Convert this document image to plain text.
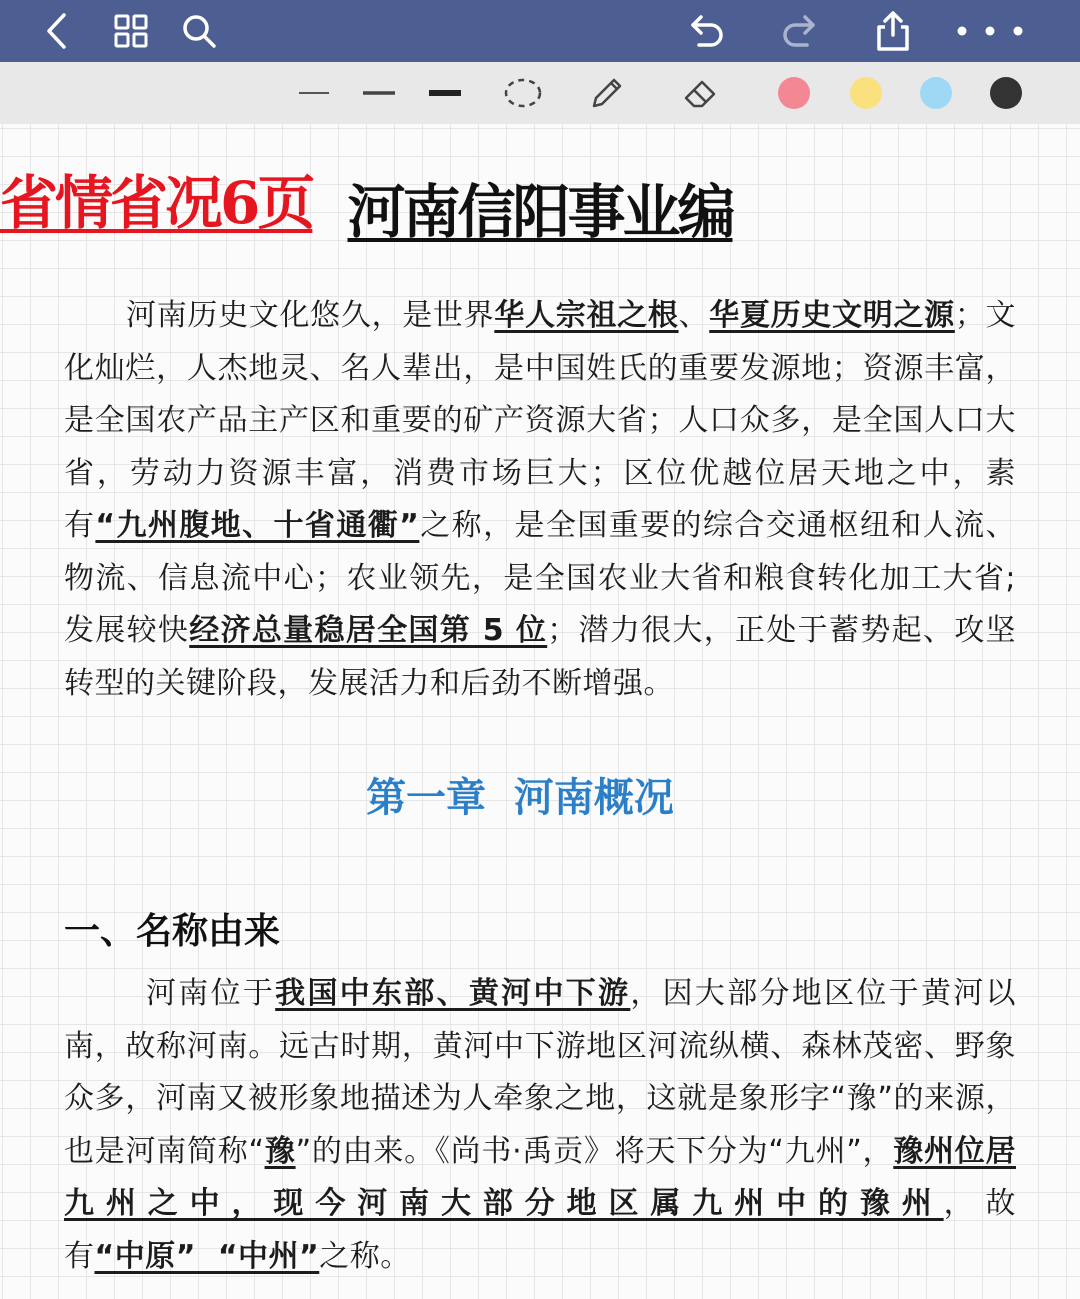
河南信阳事业编
省情省况6页
河南历史文化悠久，是世界华人宗祖之根、华夏历史文明之源；文化灿烂，人杰地灵、名人辈出，是中国姓氏的重要发源地；资源丰富，是全国农产品主产区和重要的矿产资源大省；人口众多，是全国人口大省，劳动力资源丰富，消费市场巨大；区位优越位居天地之中，素有“九州腹地、十省通衢”之称，是全国重要的综合交通枢纽和人流、物流、信息流中心；农业领先，是全国农业大省和粮食转化加工大省;发展较快经济总量稳居全国第 5 位；潜力很大，正处于蓄势起、攻坚转型的关键阶段，发展活力和后劲不断增强。
第一章  河南概况
一、名称由来
河南位于我国中东部、黄河中下游，因大部分地区位于黄河以南，故称河南。远古时期，黄河中下游地区河流纵横、森林茂密、野象众多，河南又被形象地描述为人牵象之地，这就是象形字“豫”的来源，也是河南简称“豫”的由来。《尚书·禹贡》将天下分为“九州”，豫州位居九州之中，现今河南大部分地区属九州中的豫州，故有“中原”  “中州”之称。
